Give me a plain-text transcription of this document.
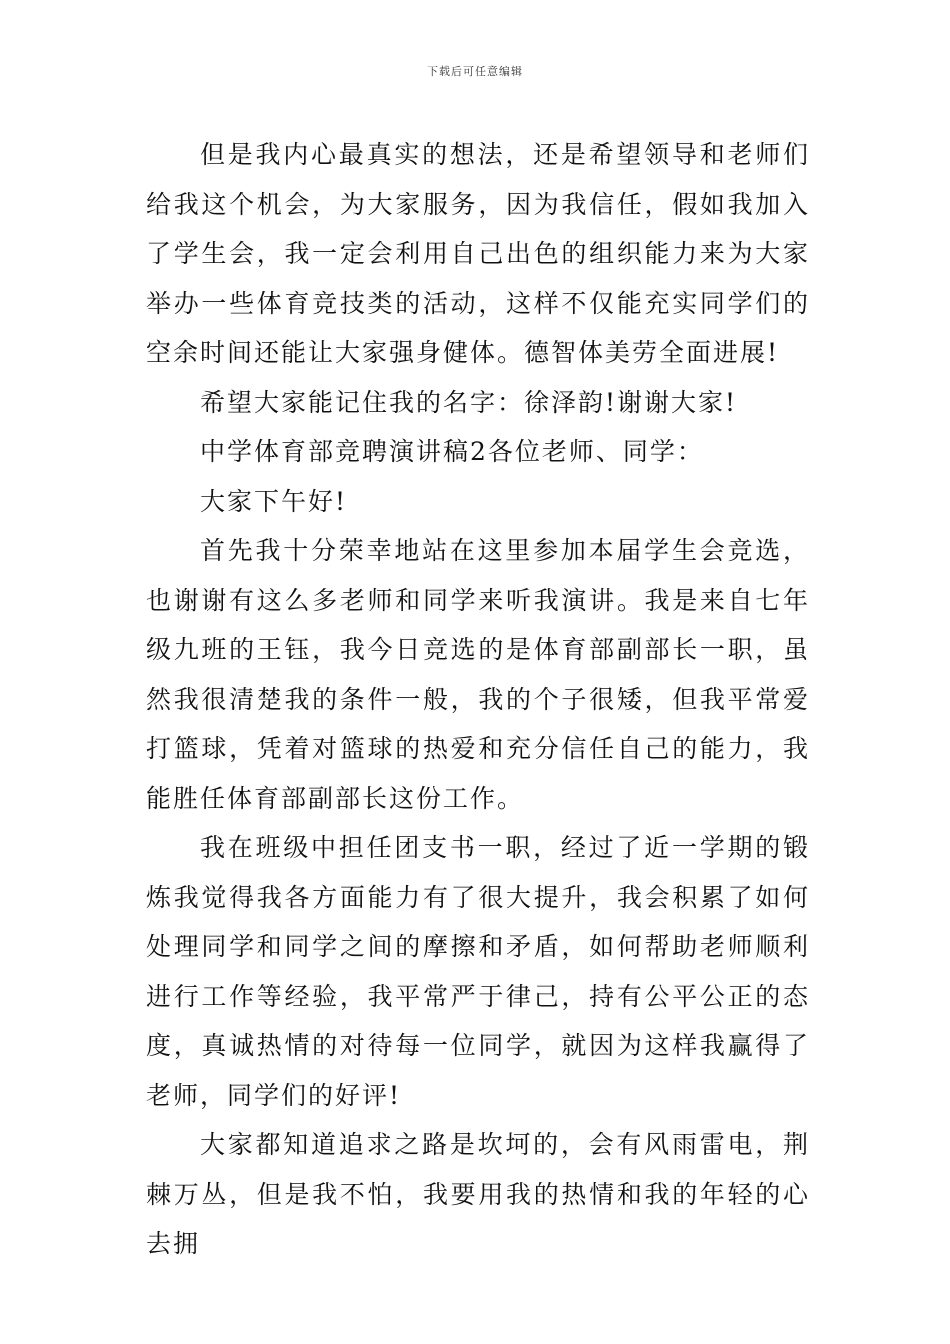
下载后可任意编辑

但是我内心最真实的想法，还是希望领导和老师们给我这个机会，为大家服务，因为我信任，假如我加入了学生会，我一定会利用自己出色的组织能力来为大家举办一些体育竞技类的活动，这样不仅能充实同学们的空余时间还能让大家强身健体。德智体美劳全面进展!

希望大家能记住我的名字：徐泽韵!谢谢大家!

中学体育部竞聘演讲稿2各位老师、同学：

大家下午好!

首先我十分荣幸地站在这里参加本届学生会竞选，也谢谢有这么多老师和同学来听我演讲。我是来自七年级九班的王钰，我今日竞选的是体育部副部长一职，虽然我很清楚我的条件一般，我的个子很矮，但我平常爱打篮球，凭着对篮球的热爱和充分信任自己的能力，我能胜任体育部副部长这份工作。

我在班级中担任团支书一职，经过了近一学期的锻炼我觉得我各方面能力有了很大提升，我会积累了如何处理同学和同学之间的摩擦和矛盾，如何帮助老师顺利进行工作等经验，我平常严于律己，持有公平公正的态度，真诚热情的对待每一位同学，就因为这样我赢得了老师，同学们的好评!

大家都知道追求之路是坎坷的，会有风雨雷电，荆棘万丛，但是我不怕，我要用我的热情和我的年轻的心去拥
